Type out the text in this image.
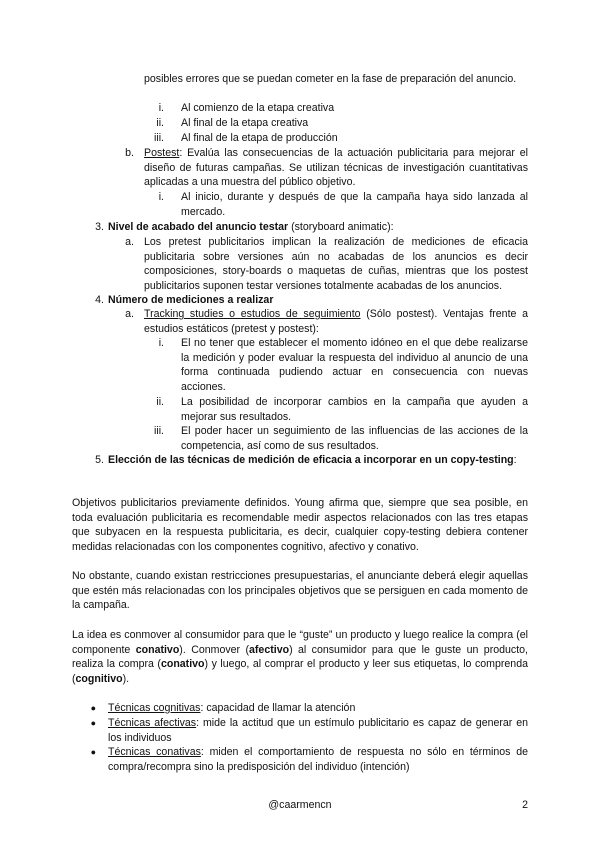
posibles errores que se puedan cometer en la fase de preparación del anuncio.
i. Al comienzo de la etapa creativa
ii. Al final de la etapa creativa
iii. Al final de la etapa de producción
b. Postest: Evalúa las consecuencias de la actuación publicitaria para mejorar el diseño de futuras campañas. Se utilizan técnicas de investigación cuantitativas aplicadas a una muestra del público objetivo.
i. Al inicio, durante y después de que la campaña haya sido lanzada al mercado.
3. Nivel de acabado del anuncio testar (storyboard animatic):
a. Los pretest publicitarios implican la realización de mediciones de eficacia publicitaria sobre versiones aún no acabadas de los anuncios es decir composiciones, story-boards o maquetas de cuñas, mientras que los postest publicitarios suponen testar versiones totalmente acabadas de los anuncios.
4. Número de mediciones a realizar
a. Tracking studies o estudios de seguimiento (Sólo postest). Ventajas frente a estudios estáticos (pretest y postest):
i. El no tener que establecer el momento idóneo en el que debe realizarse la medición y poder evaluar la respuesta del individuo al anuncio de una forma continuada pudiendo actuar en consecuencia con nuevas acciones.
ii. La posibilidad de incorporar cambios en la campaña que ayuden a mejorar sus resultados.
iii. El poder hacer un seguimiento de las influencias de las acciones de la competencia, así como de sus resultados.
5. Elección de las técnicas de medición de eficacia a incorporar en un copy-testing:
Objetivos publicitarios previamente definidos. Young afirma que, siempre que sea posible, en toda evaluación publicitaria es recomendable medir aspectos relacionados con las tres etapas que subyacen en la respuesta publicitaria, es decir, cualquier copy-testing debiera contener medidas relacionadas con los componentes cognitivo, afectivo y conativo.
No obstante, cuando existan restricciones presupuestarias, el anunciante deberá elegir aquellas que estén más relacionadas con los principales objetivos que se persiguen en cada momento de la campaña.
La idea es conmover al consumidor para que le “guste” un producto y luego realice la compra (el componente conativo). Conmover (afectivo) al consumidor para que le guste un producto, realiza la compra (conativo) y luego, al comprar el producto y leer sus etiquetas, lo comprenda (cognitivo).
● Técnicas cognitivas: capacidad de llamar la atención
● Técnicas afectivas: mide la actitud que un estímulo publicitario es capaz de generar en los individuos
● Técnicas conativas: miden el comportamiento de respuesta no sólo en términos de compra/recompra sino la predisposición del individuo (intención)
@caarmencn	2
